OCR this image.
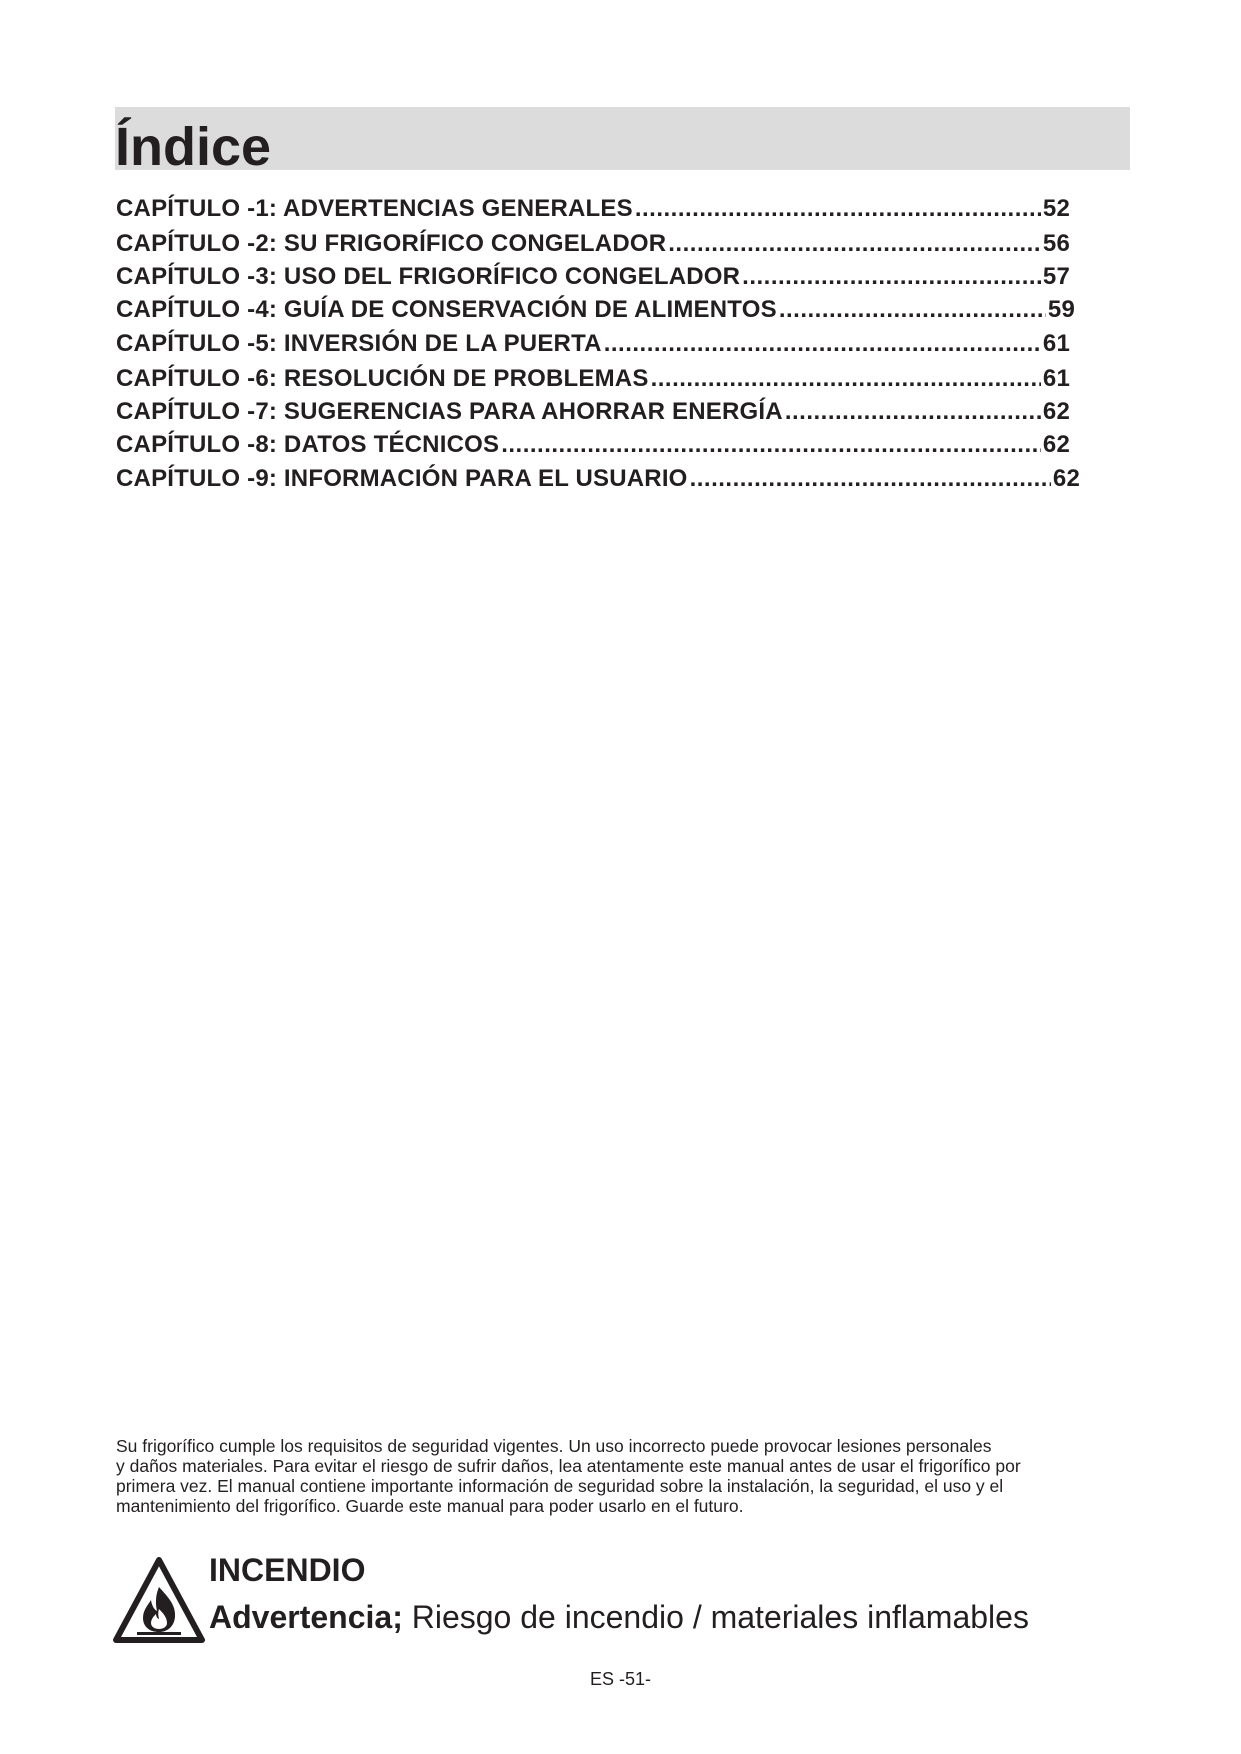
Índice
CAPÍTULO -1: ADVERTENCIAS GENERALES .....	52
CAPÍTULO -2: SU FRIGORÍFICO CONGELADOR .....	56
CAPÍTULO -3: USO DEL FRIGORÍFICO CONGELADOR .....	57
CAPÍTULO -4: GUÍA DE CONSERVACIÓN DE ALIMENTOS .....	59
CAPÍTULO -5: INVERSIÓN DE LA PUERTA .....	61
CAPÍTULO -6: RESOLUCIÓN DE PROBLEMAS .....	61
CAPÍTULO -7: SUGERENCIAS PARA AHORRAR ENERGÍA .....	62
CAPÍTULO -8: DATOS TÉCNICOS .....	62
CAPÍTULO -9: INFORMACIÓN PARA EL USUARIO .....	62

Su frigorífico cumple los requisitos de seguridad vigentes. Un uso incorrecto puede provocar lesiones personales
y daños materiales. Para evitar el riesgo de sufrir daños, lea atentamente este manual antes de usar el frigorífico por
primera vez. El manual contiene importante información de seguridad sobre la instalación, la seguridad, el uso y el
mantenimiento del frigorífico. Guarde este manual para poder usarlo en el futuro.

INCENDIO
Advertencia; Riesgo de incendio / materiales inflamables
ES -51-
